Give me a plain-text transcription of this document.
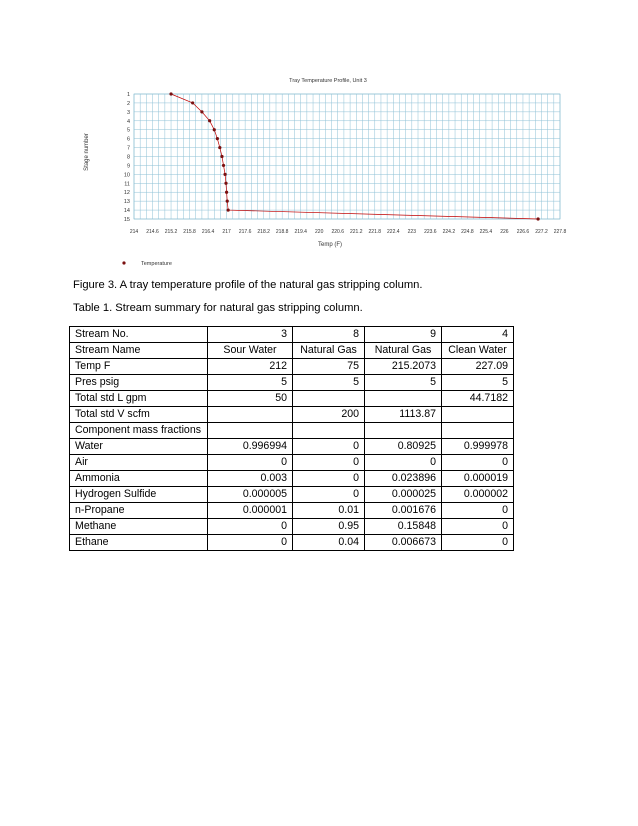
Tray Temperature Profile, Unit 3
1
2
3
4
5
6
7
8
9
10
11
12
13
14
15
214 214.6 215.2 215.8 216.4 217 217.6 218.2 218.8 219.4 220 220.6 221.2 221.8 222.4 223 223.6 224.2 224.8 225.4 226 226.6 227.2 227.8
Stage number
Temp (F)
Temperature
Figure 3. A tray temperature profile of the natural gas stripping column.
Table 1. Stream summary for natural gas stripping column.
Stream No.	3	8	9	4
Stream Name	Sour Water	Natural Gas	Natural Gas	Clean Water
Temp F	212	75	215.2073	227.09
Pres psig	5	5	5	5
Total std L gpm	50			44.7182
Total std V scfm		200	1113.87	
Component mass fractions				
Water	0.996994	0	0.80925	0.999978
Air	0	0	0	0
Ammonia	0.003	0	0.023896	0.000019
Hydrogen Sulfide	0.000005	0	0.000025	0.000002
n-Propane	0.000001	0.01	0.001676	0
Methane	0	0.95	0.15848	0
Ethane	0	0.04	0.006673	0
